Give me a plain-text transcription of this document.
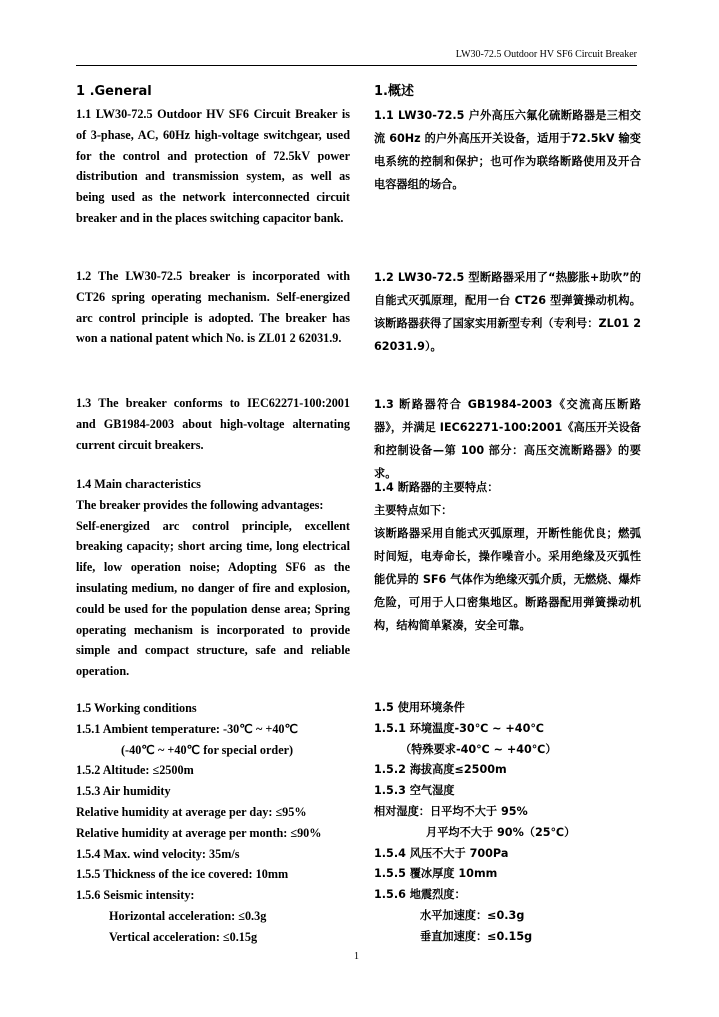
LW30-72.5 Outdoor HV SF6 Circuit Breaker
1 .General

1.1 LW30-72.5 Outdoor HV SF6 Circuit Breaker is of 3-phase, AC, 60Hz high-voltage switchgear, used for the control and protection of 72.5kV power distribution and transmission system, as well as being used as the network interconnected circuit breaker and in the places switching capacitor bank.

1.2 The LW30-72.5 breaker is incorporated with CT26 spring operating mechanism. Self-energized arc control principle is adopted. The breaker has won a national patent which No. is ZL01 2 62031.9.

1.3 The breaker conforms to IEC62271-100:2001 and GB1984-2003 about high-voltage alternating current circuit breakers.

1.4 Main characteristics
The breaker provides the following advantages:

Self-energized arc control principle, excellent breaking capacity; short arcing time, long electrical life, low operation noise; Adopting SF6 as the insulating medium, no danger of fire and explosion, could be used for the population dense area; Spring operating mechanism is incorporated to provide simple and compact structure, safe and reliable operation.

1.5 Working conditions
1.5.1 Ambient temperature: -30℃ ~ +40℃
(-40℃ ~ +40℃ for special order)
1.5.2 Altitude: ≤2500m
1.5.3 Air humidity
Relative humidity at average per day: ≤95%
Relative humidity at average per month: ≤90%
1.5.4 Max. wind velocity: 35m/s
1.5.5 Thickness of the ice covered: 10mm
1.5.6 Seismic intensity:
Horizontal acceleration: ≤0.3g
Vertical acceleration: ≤0.15g
1.概述

1.1 LW30-72.5 户外高压六氟化硫断路器是三相交流 60Hz 的户外高压开关设备，适用于72.5kV 输变电系统的控制和保护；也可作为联络断路使用及开合电容器组的场合。

1.2 LW30-72.5 型断路器采用了“热膨胀+助吹”的自能式灭弧原理，配用一台 CT26 型弹簧操动机构。该断路器获得了国家实用新型专利（专利号：ZL01 2 62031.9）。

1.3 断路器符合 GB1984-2003《交流高压断路器》，并满足 IEC62271-100:2001《高压开关设备和控制设备—第 100 部分：高压交流断路器》的要求。

1.4 断路器的主要特点：
主要特点如下：

该断路器采用自能式灭弧原理，开断性能优良；燃弧时间短，电寿命长，操作噪音小。采用绝缘及灭弧性能优异的 SF6 气体作为绝缘灭弧介质，无燃烧、爆炸危险，可用于人口密集地区。断路器配用弹簧操动机构，结构简单紧凑，安全可靠。

1.5 使用环境条件
1.5.1 环境温度-30℃ ~ +40℃
（特殊要求-40℃ ~ +40℃）
1.5.2 海拔高度≤2500m
1.5.3 空气湿度
相对湿度：日平均不大于 95%
月平均不大于 90%（25℃）
1.5.4 风压不大于 700Pa
1.5.5 覆冰厚度 10mm
1.5.6 地震烈度：
水平加速度：≤0.3g
垂直加速度：≤0.15g
1
